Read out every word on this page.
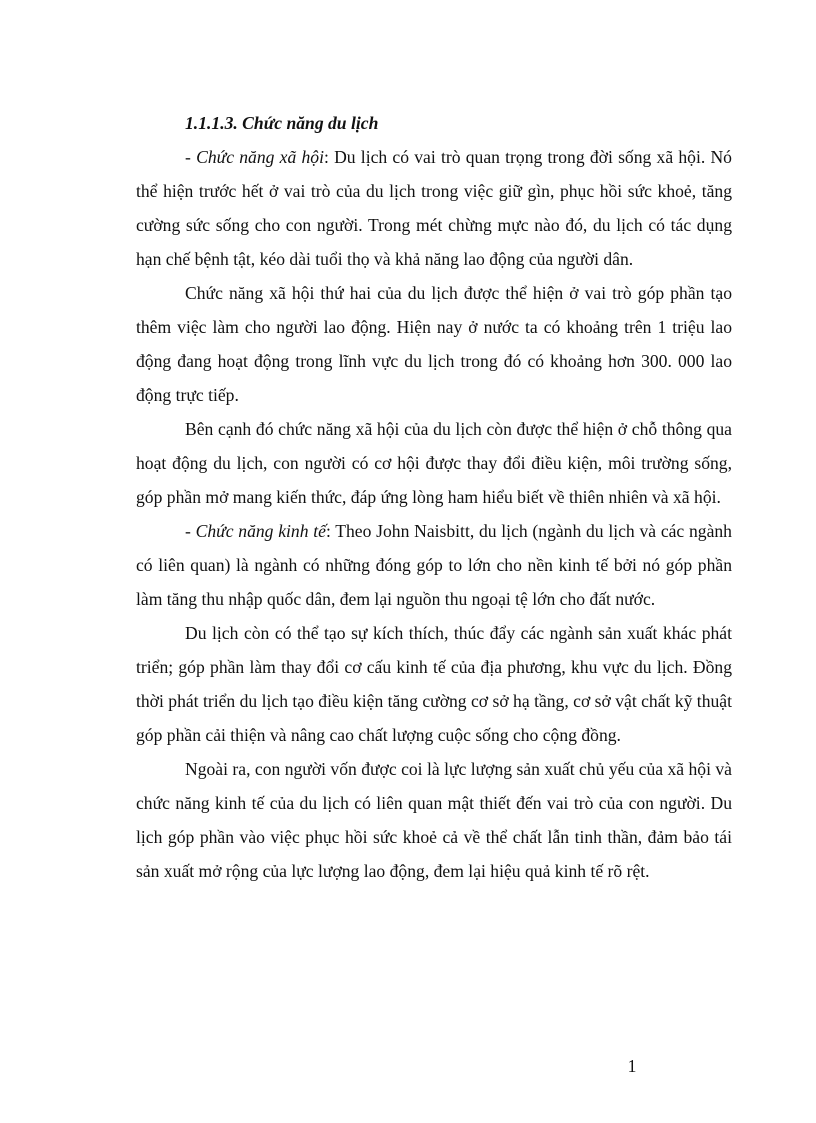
1.1.1.3. Chức năng du lịch

- Chức năng xã hội: Du lịch có vai trò quan trọng trong đời sống xã hội. Nó thể hiện trước hết ở vai trò của du lịch trong việc giữ gìn, phục hồi sức khoẻ, tăng cường sức sống cho con người. Trong mét chừng mực nào đó, du lịch có tác dụng hạn chế bệnh tật, kéo dài tuổi thọ và khả năng lao động của người dân.

Chức năng xã hội thứ hai của du lịch được thể hiện ở vai trò góp phần tạo thêm việc làm cho người lao động. Hiện nay ở nước ta có khoảng trên 1 triệu lao động đang hoạt động trong lĩnh vực du lịch trong đó có khoảng hơn 300. 000 lao động trực tiếp.

Bên cạnh đó chức năng xã hội của du lịch còn được thể hiện ở chỗ thông qua hoạt động du lịch, con người có cơ hội được thay đổi điều kiện, môi trường sống, góp phần mở mang kiến thức, đáp ứng lòng ham hiểu biết về thiên nhiên và xã hội.

- Chức năng kinh tế: Theo John Naisbitt, du lịch (ngành du lịch và các ngành có liên quan) là ngành có những đóng góp to lớn cho nền kinh tế bởi nó góp phần làm tăng thu nhập quốc dân, đem lại nguồn thu ngoại tệ lớn cho đất nước.

Du lịch còn có thể tạo sự kích thích, thúc đẩy các ngành sản xuất khác phát triển; góp phần làm thay đổi cơ cấu kinh tế của địa phương, khu vực du lịch. Đồng thời phát triển du lịch tạo điều kiện tăng cường cơ sở hạ tầng, cơ sở vật chất kỹ thuật góp phần cải thiện và nâng cao chất lượng cuộc sống cho cộng đồng.

Ngoài ra, con người vốn được coi là lực lượng sản xuất chủ yếu của xã hội và chức năng kinh tế của du lịch có liên quan mật thiết đến vai trò của con người. Du lịch góp phần vào việc phục hồi sức khoẻ cả về thể chất lẫn tinh thần, đảm bảo tái sản xuất mở rộng của lực lượng lao động, đem lại hiệu quả kinh tế rõ rệt.

1
